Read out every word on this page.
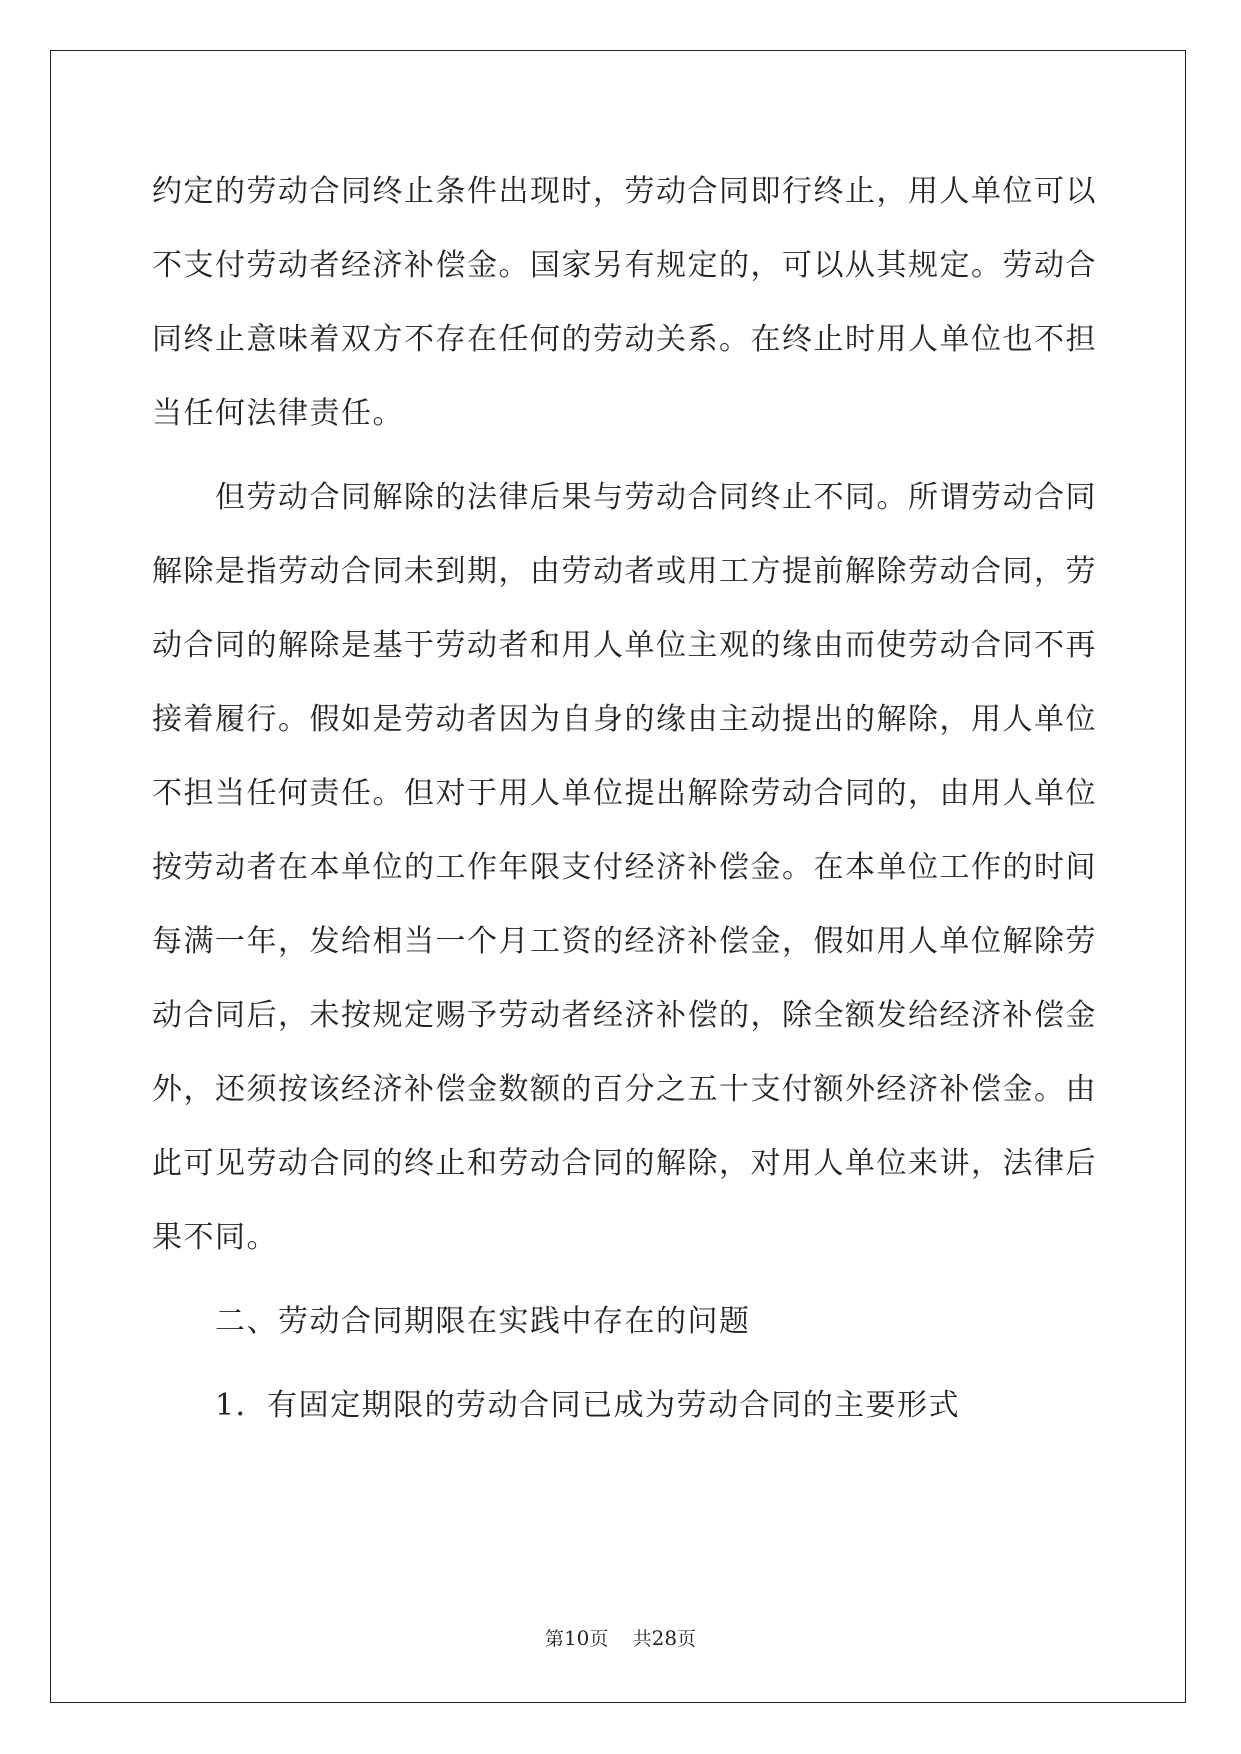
约定的劳动合同终止条件出现时，劳动合同即行终止，用人单位可以
不支付劳动者经济补偿金。国家另有规定的，可以从其规定。劳动合
同终止意味着双方不存在任何的劳动关系。在终止时用人单位也不担
当任何法律责任。
　　但劳动合同解除的法律后果与劳动合同终止不同。所谓劳动合同
解除是指劳动合同未到期，由劳动者或用工方提前解除劳动合同，劳
动合同的解除是基于劳动者和用人单位主观的缘由而使劳动合同不再
接着履行。假如是劳动者因为自身的缘由主动提出的解除，用人单位
不担当任何责任。但对于用人单位提出解除劳动合同的，由用人单位
按劳动者在本单位的工作年限支付经济补偿金。在本单位工作的时间
每满一年，发给相当一个月工资的经济补偿金，假如用人单位解除劳
动合同后，未按规定赐予劳动者经济补偿的，除全额发给经济补偿金
外，还须按该经济补偿金数额的百分之五十支付额外经济补偿金。由
此可见劳动合同的终止和劳动合同的解除，对用人单位来讲，法律后
果不同。
　　二、劳动合同期限在实践中存在的问题
　　1．有固定期限的劳动合同已成为劳动合同的主要形式
第10页 共28页
